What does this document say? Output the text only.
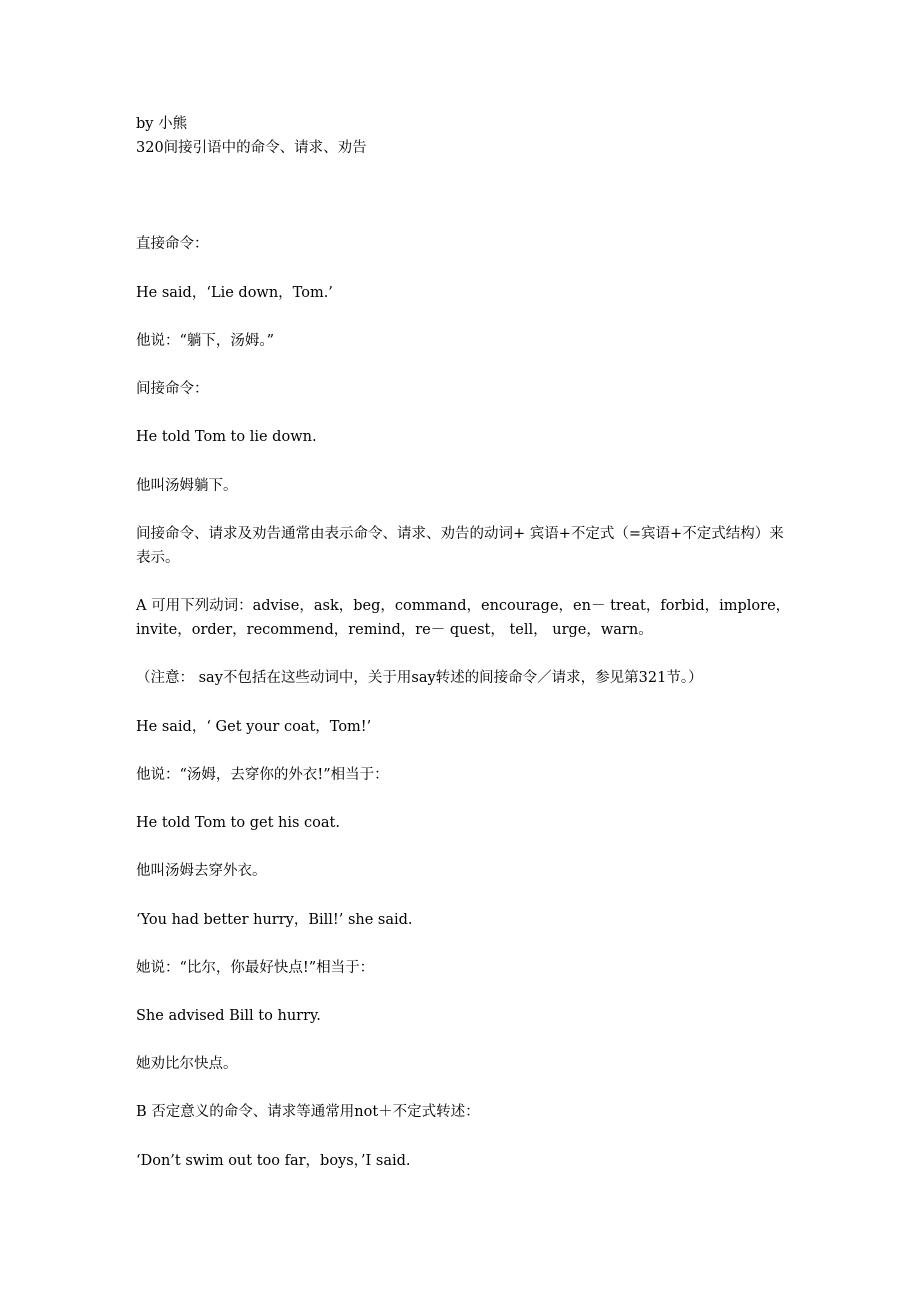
by 小熊
320间接引语中的命令、请求、劝告
直接命令：
He said，‘Lie down，Tom.’
他说：“躺下，汤姆。”
间接命令：
He told Tom to lie down.
他叫汤姆躺下。
间接命令、请求及劝告通常由表示命令、请求、劝告的动词+ 宾语+不定式（=宾语+不定式结构）来表示。
A 可用下列动词：advise，ask，beg，command，encourage，en－ treat，forbid，implore，invite，order，recommend，remind，re－ quest， tell， urge，warn。
（注意： say不包括在这些动词中，关于用say转述的间接命令／请求，参见第321节。）
He said，‘ Get your coat，Tom!’
他说：“汤姆，去穿你的外衣!”相当于：
He told Tom to get his coat.
他叫汤姆去穿外衣。
‘You had better hurry，Bill!’ she said.
她说：“比尔，你最好快点!”相当于：
She advised Bill to hurry.
她劝比尔快点。
B 否定意义的命令、请求等通常用not＋不定式转述：
‘Don’t swim out too far，boys，’I said.
